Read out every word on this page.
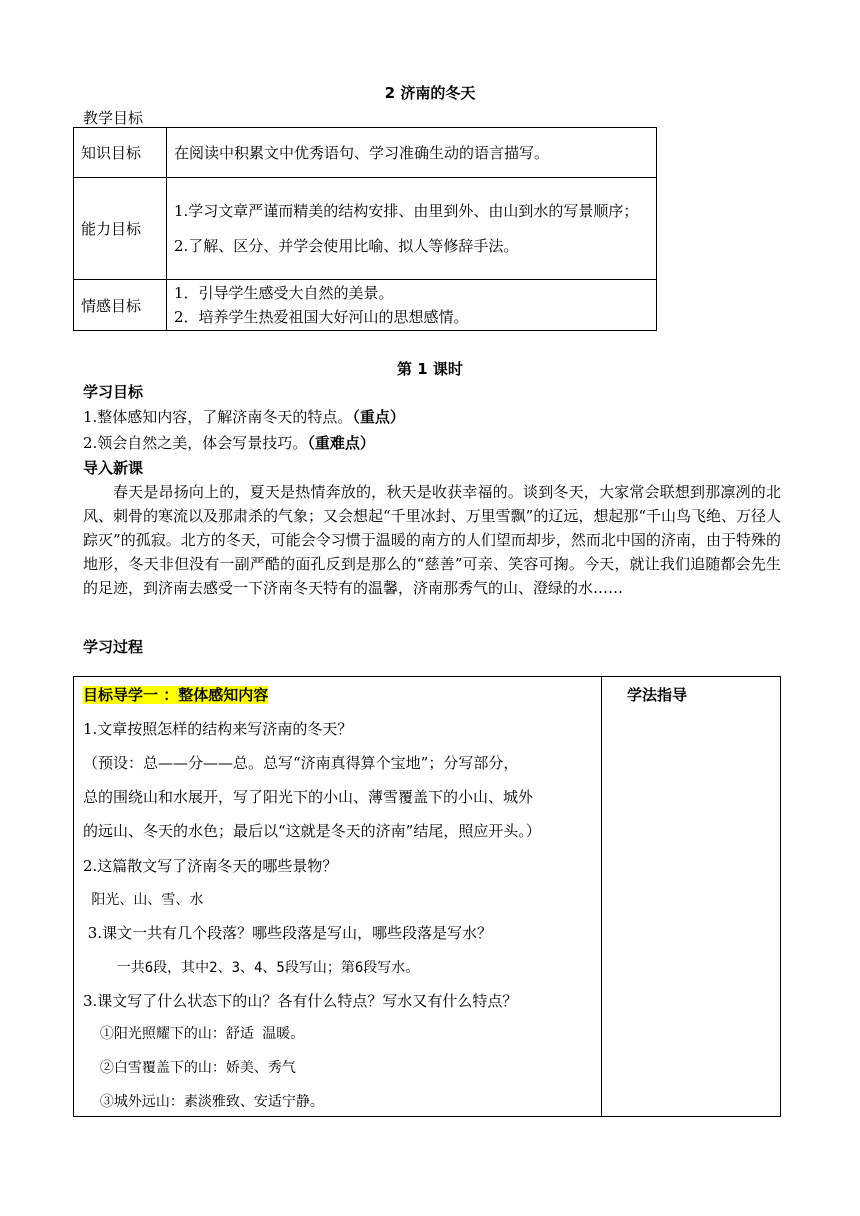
2 济南的冬天
教学目标
知识目标	在阅读中积累文中优秀语句、学习准确生动的语言描写。
能力目标	1.学习文章严谨而精美的结构安排、由里到外、由山到水的写景顺序；
2.了解、区分、并学会使用比喻、拟人等修辞手法。

情感目标	1．引导学生感受大自然的美景。
2．培养学生热爱祖国大好河山的思想感情。
第 1 课时
学习目标
1.整体感知内容，了解济南冬天的特点。（重点）
2.领会自然之美，体会写景技巧。（重难点）
导入新课
春天是昂扬向上的，夏天是热情奔放的，秋天是收获幸福的。谈到冬天，大家常会联想到那凛冽的北风、刺骨的寒流以及那肃杀的气象；又会想起“千里冰封、万里雪飘”的辽远，想起那“千山鸟飞绝、万径人踪灭”的孤寂。北方的冬天，可能会令习惯于温暖的南方的人们望而却步，然而北中国的济南，由于特殊的地形，冬天非但没有一副严酷的面孔反到是那么的“慈善”可亲、笑容可掬。今天，就让我们追随都会先生的足迹，到济南去感受一下济南冬天特有的温馨，济南那秀气的山、澄绿的水……
学习过程
目标导学一 ：整体感知内容	学法指导
1.文章按照怎样的结构来写济南的冬天？
（预设：总——分——总。总写“济南真得算个宝地”；分写部分，
总的围绕山和水展开，写了阳光下的小山、薄雪覆盖下的小山、城外
的远山、冬天的水色；最后以“这就是冬天的济南”结尾，照应开头。）
2.这篇散文写了济南冬天的哪些景物？
阳光、山、雪、水
3.课文一共有几个段落？哪些段落是写山，哪些段落是写水？
一共6段，其中2、3、4、5段写山；第6段写水。
3.课文写了什么状态下的山？各有什么特点？写水又有什么特点？
①阳光照耀下的山：舒适 温暖。
②白雪覆盖下的山：娇美、秀气
③城外远山：素淡雅致、安适宁静。
